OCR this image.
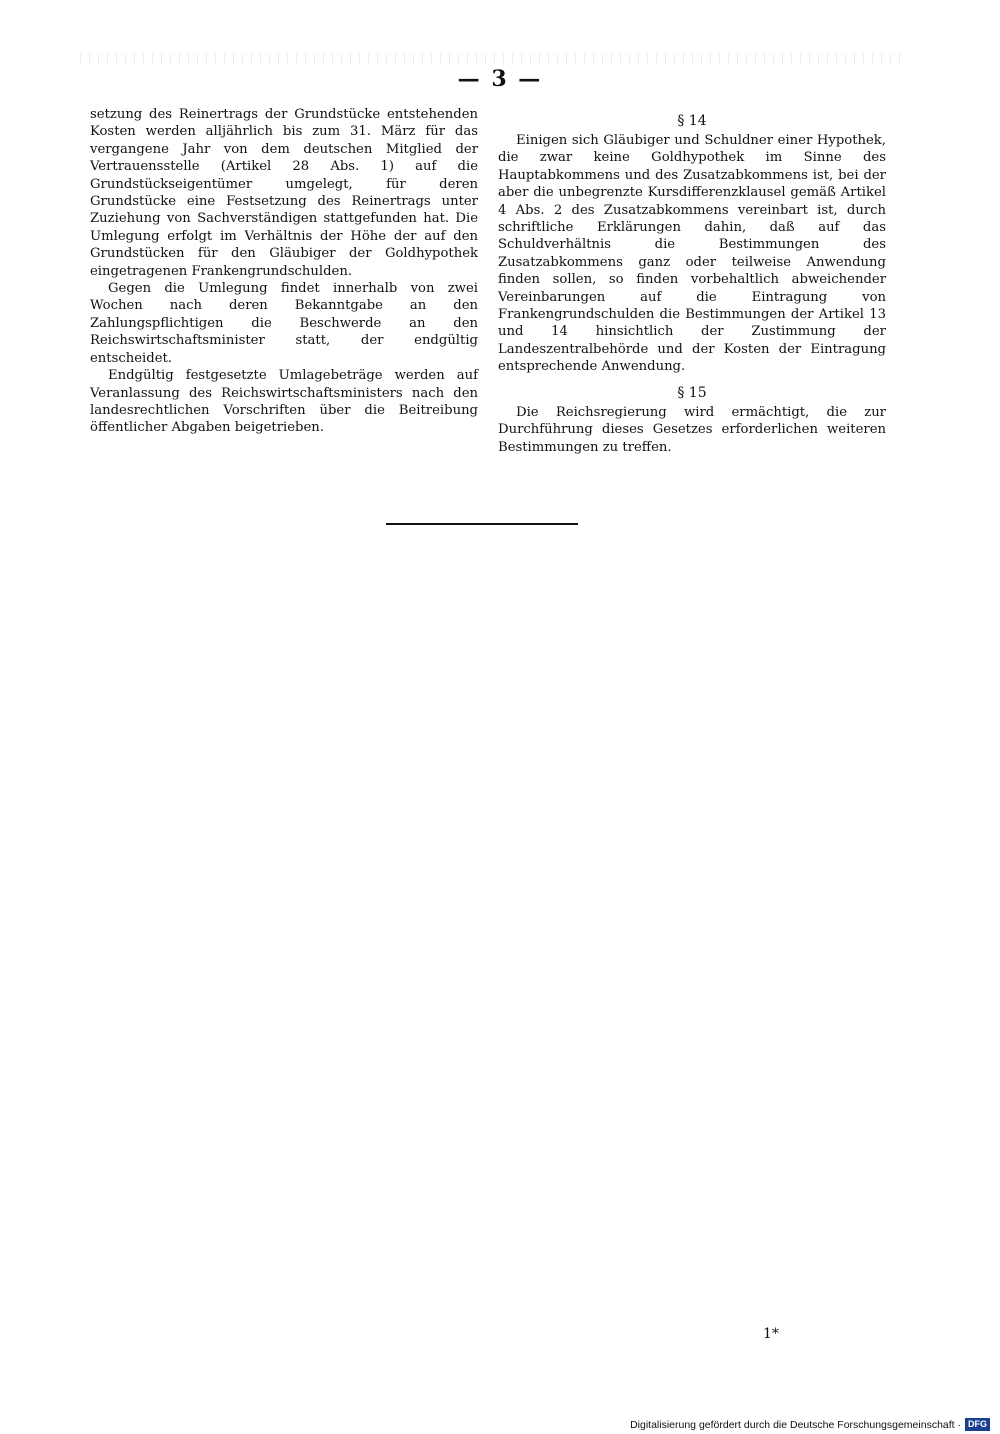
— 3 —

setzung des Reinertrags der Grundstücke entstehenden Kosten werden alljährlich bis zum 31. März für das vergangene Jahr von dem deutschen Mitglied der Vertrauensstelle (Artikel 28 Abs. 1) auf die Grundstückseigentümer umgelegt, für deren Grundstücke eine Festsetzung des Reinertrags unter Zuziehung von Sachverständigen stattgefunden hat. Die Umlegung erfolgt im Verhältnis der Höhe der auf den Grundstücken für den Gläubiger der Goldhypothek eingetragenen Frankengrundschulden.

Gegen die Umlegung findet innerhalb von zwei Wochen nach deren Bekanntgabe an den Zahlungspflichtigen die Beschwerde an den Reichswirtschaftsminister statt, der endgültig entscheidet.

Endgültig festgesetzte Umlagebeträge werden auf Veranlassung des Reichswirtschaftsministers nach den landesrechtlichen Vorschriften über die Beitreibung öffentlicher Abgaben beigetrieben.

§ 14

Einigen sich Gläubiger und Schuldner einer Hypothek, die zwar keine Goldhypothek im Sinne des Hauptabkommens und des Zusatzabkommens ist, bei der aber die unbegrenzte Kursdifferenzklausel gemäß Artikel 4 Abs. 2 des Zusatzabkommens vereinbart ist, durch schriftliche Erklärungen dahin, daß auf das Schuldverhältnis die Bestimmungen des Zusatzabkommens ganz oder teilweise Anwendung finden sollen, so finden vorbehaltlich abweichender Vereinbarungen auf die Eintragung von Frankengrundschulden die Bestimmungen der Artikel 13 und 14 hinsichtlich der Zustimmung der Landeszentralbehörde und der Kosten der Eintragung entsprechende Anwendung.

§ 15

Die Reichsregierung wird ermächtigt, die zur Durchführung dieses Gesetzes erforderlichen weiteren Bestimmungen zu treffen.

1*
Digitalisierung gefördert durch die Deutsche Forschungsgemeinschaft · DFG
